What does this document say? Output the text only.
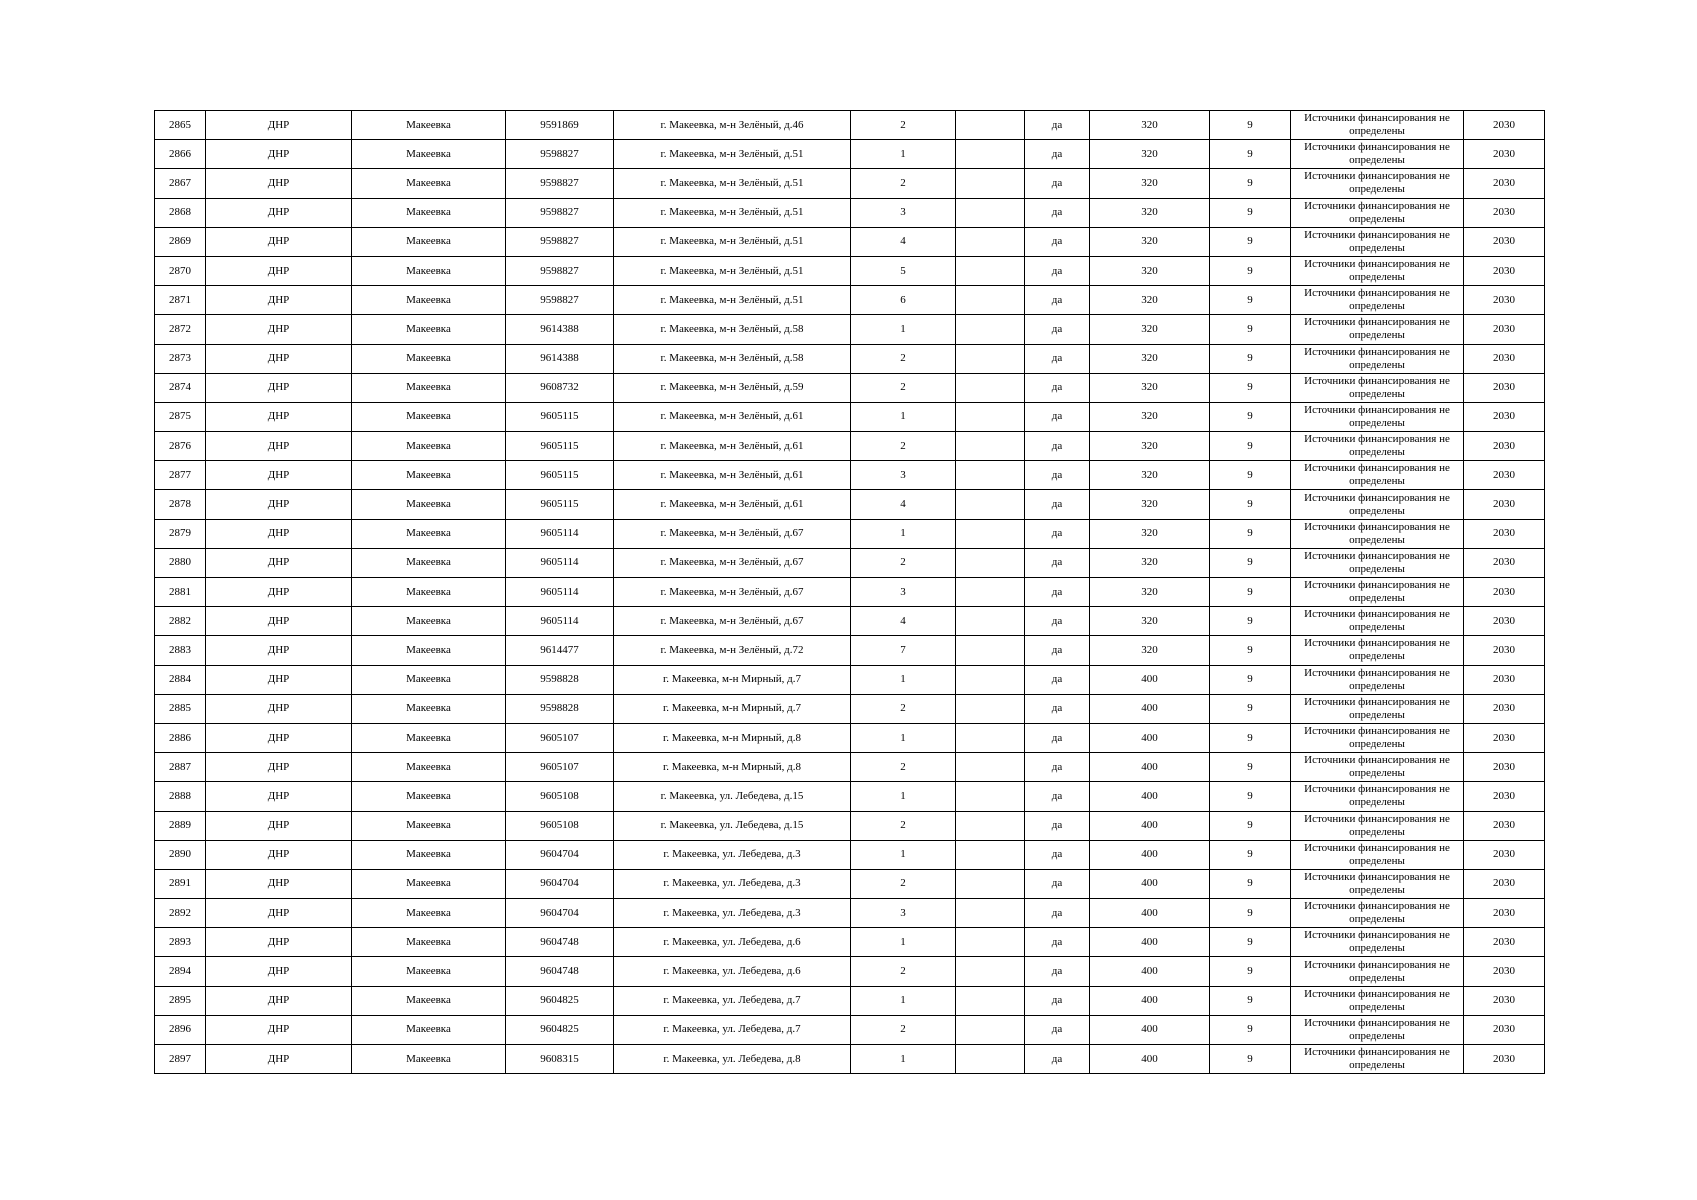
2865	ДНР	Макеевка	9591869	г. Макеевка, м-н Зелёный, д.46	2		да	320	9	Источники финансирования не определены	2030
2866	ДНР	Макеевка	9598827	г. Макеевка, м-н Зелёный, д.51	1		да	320	9	Источники финансирования не определены	2030
2867	ДНР	Макеевка	9598827	г. Макеевка, м-н Зелёный, д.51	2		да	320	9	Источники финансирования не определены	2030
2868	ДНР	Макеевка	9598827	г. Макеевка, м-н Зелёный, д.51	3		да	320	9	Источники финансирования не определены	2030
2869	ДНР	Макеевка	9598827	г. Макеевка, м-н Зелёный, д.51	4		да	320	9	Источники финансирования не определены	2030
2870	ДНР	Макеевка	9598827	г. Макеевка, м-н Зелёный, д.51	5		да	320	9	Источники финансирования не определены	2030
2871	ДНР	Макеевка	9598827	г. Макеевка, м-н Зелёный, д.51	6		да	320	9	Источники финансирования не определены	2030
2872	ДНР	Макеевка	9614388	г. Макеевка, м-н Зелёный, д.58	1		да	320	9	Источники финансирования не определены	2030
2873	ДНР	Макеевка	9614388	г. Макеевка, м-н Зелёный, д.58	2		да	320	9	Источники финансирования не определены	2030
2874	ДНР	Макеевка	9608732	г. Макеевка, м-н Зелёный, д.59	2		да	320	9	Источники финансирования не определены	2030
2875	ДНР	Макеевка	9605115	г. Макеевка, м-н Зелёный, д.61	1		да	320	9	Источники финансирования не определены	2030
2876	ДНР	Макеевка	9605115	г. Макеевка, м-н Зелёный, д.61	2		да	320	9	Источники финансирования не определены	2030
2877	ДНР	Макеевка	9605115	г. Макеевка, м-н Зелёный, д.61	3		да	320	9	Источники финансирования не определены	2030
2878	ДНР	Макеевка	9605115	г. Макеевка, м-н Зелёный, д.61	4		да	320	9	Источники финансирования не определены	2030
2879	ДНР	Макеевка	9605114	г. Макеевка, м-н Зелёный, д.67	1		да	320	9	Источники финансирования не определены	2030
2880	ДНР	Макеевка	9605114	г. Макеевка, м-н Зелёный, д.67	2		да	320	9	Источники финансирования не определены	2030
2881	ДНР	Макеевка	9605114	г. Макеевка, м-н Зелёный, д.67	3		да	320	9	Источники финансирования не определены	2030
2882	ДНР	Макеевка	9605114	г. Макеевка, м-н Зелёный, д.67	4		да	320	9	Источники финансирования не определены	2030
2883	ДНР	Макеевка	9614477	г. Макеевка, м-н Зелёный, д.72	7		да	320	9	Источники финансирования не определены	2030
2884	ДНР	Макеевка	9598828	г. Макеевка, м-н Мирный, д.7	1		да	400	9	Источники финансирования не определены	2030
2885	ДНР	Макеевка	9598828	г. Макеевка, м-н Мирный, д.7	2		да	400	9	Источники финансирования не определены	2030
2886	ДНР	Макеевка	9605107	г. Макеевка, м-н Мирный, д.8	1		да	400	9	Источники финансирования не определены	2030
2887	ДНР	Макеевка	9605107	г. Макеевка, м-н Мирный, д.8	2		да	400	9	Источники финансирования не определены	2030
2888	ДНР	Макеевка	9605108	г. Макеевка, ул. Лебедева, д.15	1		да	400	9	Источники финансирования не определены	2030
2889	ДНР	Макеевка	9605108	г. Макеевка, ул. Лебедева, д.15	2		да	400	9	Источники финансирования не определены	2030
2890	ДНР	Макеевка	9604704	г. Макеевка, ул. Лебедева, д.3	1		да	400	9	Источники финансирования не определены	2030
2891	ДНР	Макеевка	9604704	г. Макеевка, ул. Лебедева, д.3	2		да	400	9	Источники финансирования не определены	2030
2892	ДНР	Макеевка	9604704	г. Макеевка, ул. Лебедева, д.3	3		да	400	9	Источники финансирования не определены	2030
2893	ДНР	Макеевка	9604748	г. Макеевка, ул. Лебедева, д.6	1		да	400	9	Источники финансирования не определены	2030
2894	ДНР	Макеевка	9604748	г. Макеевка, ул. Лебедева, д.6	2		да	400	9	Источники финансирования не определены	2030
2895	ДНР	Макеевка	9604825	г. Макеевка, ул. Лебедева, д.7	1		да	400	9	Источники финансирования не определены	2030
2896	ДНР	Макеевка	9604825	г. Макеевка, ул. Лебедева, д.7	2		да	400	9	Источники финансирования не определены	2030
2897	ДНР	Макеевка	9608315	г. Макеевка, ул. Лебедева, д.8	1		да	400	9	Источники финансирования не определены	2030
